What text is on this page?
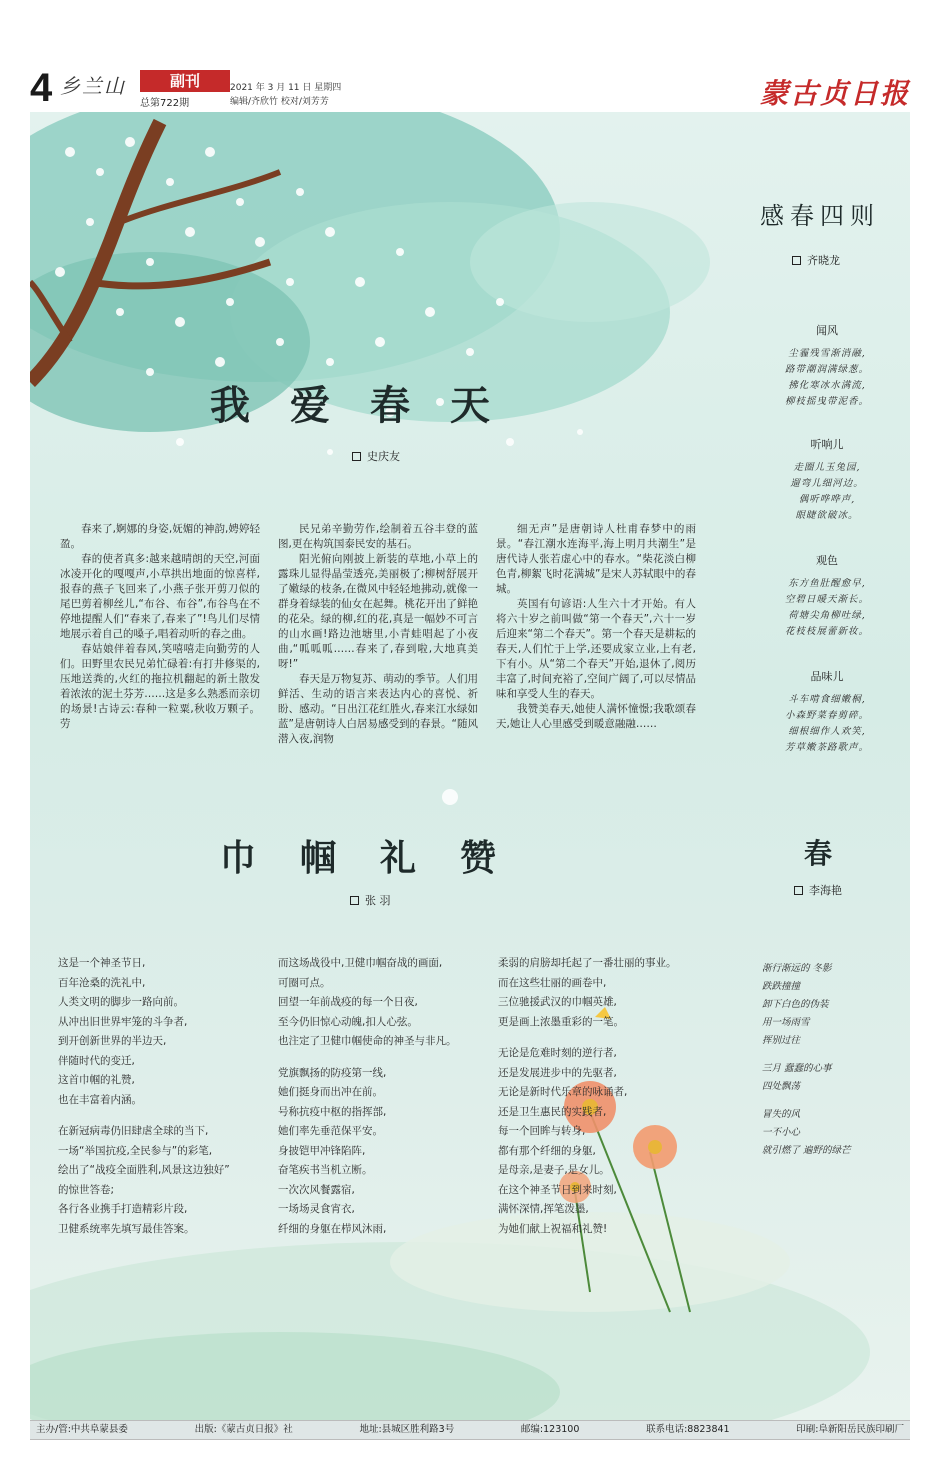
4 乡兰山	副刊
总第722期
2021 年 3 月 11 日 星期四
编辑/齐欣竹 校对/刘芳芳	蒙古贞日报
我爱春天
史庆友

春来了,婀娜的身姿,妩媚的神韵,娉婷轻盈。

春的使者真多:越来越晴朗的天空,河面冰凌开化的嘎嘎声,小草拱出地面的惊喜样,报春的燕子飞回来了,小燕子张开剪刀似的尾巴剪着柳丝儿,“布谷、布谷”,布谷鸟在不停地提醒人们“春来了,春来了”!鸟儿们尽情地展示着自己的嗓子,唱着动听的春之曲。

春姑娘伴着春风,笑嘻嘻走向勤劳的人们。田野里农民兄弟忙碌着:有打井修渠的,压地送粪的,火红的拖拉机翻起的新土散发着浓浓的泥土芬芳……这是多么熟悉而亲切的场景!古诗云:春种一粒粟,秋收万颗子。劳

民兄弟辛勤劳作,绘制着五谷丰登的蓝图,更在构筑国泰民安的基石。

阳光俯向刚披上新装的草地,小草上的露珠儿显得晶莹透亮,美丽极了;柳树舒展开了嫩绿的枝条,在微风中轻轻地拂动,就像一群身着绿装的仙女在起舞。桃花开出了鲜艳的花朵。绿的柳,红的花,真是一幅妙不可言的山水画!路边池塘里,小青蛙唱起了小夜曲,“呱呱呱……春来了,春到啦,大地真美呀!”

春天是万物复苏、萌动的季节。人们用鲜活、生动的语言来表达内心的喜悦、祈盼、感动。“日出江花红胜火,春来江水绿如蓝”是唐朝诗人白居易感受到的春景。“随风潜入夜,润物

细无声”是唐朝诗人杜甫春梦中的雨景。“春江潮水连海平,海上明月共潮生”是唐代诗人张若虚心中的春水。“柴花淡白柳色青,柳絮飞时花满城”是宋人苏轼眼中的春城。

英国有句谚语:人生六十才开始。有人将六十岁之前叫做“第一个春天”,六十一岁后迎来“第二个春天”。第一个春天是耕耘的春天,人们忙于上学,还要成家立业,上有老,下有小。从“第二个春天”开始,退休了,阅历丰富了,时间充裕了,空间广阔了,可以尽情品味和享受人生的春天。

我赞美春天,她使人满怀憧憬;我歌颂春天,她让人心里感受到暖意融融……

感春四则
齐晓龙
闻风
尘霾残雪渐消融,
路带潮润满绿葱。
拂化寒冰水满流,
柳枝摇曳带泥香。
听响儿
走圈儿玉兔园,
遛弯儿细河边。
偶听哗哗声,
眼睫欲破冰。
观色
东方鱼肚醒愈早,
空碧日暖天渐长。
荷塘尖角柳吐绿,
花枝枝展蕾新妆。
品味儿
斗车啃食细嫩桐,
小森野菜春剪碎。
细根细作人欢笑,
芳草嫩茶路歌声。
巾帼礼赞
张 羽
这是一个神圣节日,
百年沧桑的洗礼中,
人类文明的脚步一路向前。
从冲出旧世界牢笼的斗争者,
到开创新世界的半边天,
伴随时代的变迁,
这首巾帼的礼赞,
也在丰富着内涵。
在新冠病毒仍旧肆虐全球的当下,
一场“举国抗疫,全民参与”的彩笔,
绘出了“战疫全面胜利,风景这边独好”
的惊世答卷;
各行各业携手打造精彩片段,
卫健系统率先填写最佳答案。
而这场战役中,卫健巾帼奋战的画面,
可圈可点。
回望一年前战疫的每一个日夜,
至今仍旧惊心动魄,扣人心弦。
也注定了卫健巾帼使命的神圣与非凡。
党旗飘扬的防疫第一线,
她们挺身而出冲在前。
号称抗疫中枢的指挥部,
她们率先垂范保平安。
身披铠甲冲锋陷阵,
奋笔疾书当机立断。
一次次风餐露宿,
一场场灵食宵衣,
纤细的身躯在栉风沐雨,
柔弱的肩膀却托起了一番壮丽的事业。
而在这些壮丽的画卷中,
三位驰援武汉的巾帼英雄,
更是画上浓墨重彩的一笔。
无论是危难时刻的逆行者,
还是发展进步中的先驱者,
无论是新时代乐章的咏诵者,
还是卫生惠民的实践者,
每一个回眸与转身,
都有那个纤细的身躯,
是母亲,是妻子,是女儿。
在这个神圣节日到来时刻,
满怀深情,挥笔泼墨,
为她们献上祝福和礼赞!
春
李海艳
渐行渐远的 冬影
跌跌撞撞
卸下白色的伪装
用一场雨雪
挥别过往
三月 蠢蠢的心事
四处飘荡
冒失的风
一不小心
就引燃了 遍野的绿芒
主办/管:中共阜蒙县委	出版:《蒙古贞日报》社	地址:县城区胜利路3号	邮编:123100	联系电话:8823841	印刷:阜新阳岳民族印刷厂
